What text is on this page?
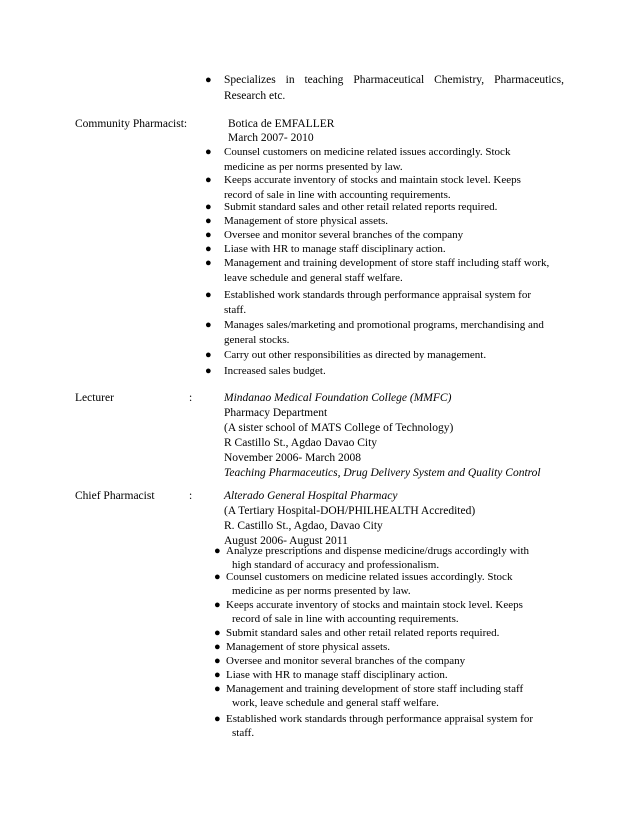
● Specializes in teaching Pharmaceutical Chemistry, Pharmaceutics,
Research etc.
Community Pharmacist:	Botica de EMFALLER
March 2007- 2010
● Counsel customers on medicine related issues accordingly. Stock
medicine as per norms presented by law.
● Keeps accurate inventory of stocks and maintain stock level. Keeps
record of sale in line with accounting requirements.
● Submit standard sales and other retail related reports required.
● Management of store physical assets.
● Oversee and monitor several branches of the company
● Liase with HR to manage staff disciplinary action.
● Management and training development of store staff including staff work,
leave schedule and general staff welfare.
● Established work standards through performance appraisal system for
staff.
● Manages sales/marketing and promotional programs, merchandising and
general stocks.
● Carry out other responsibilities as directed by management.
● Increased sales budget.
Lecturer	:	Mindanao Medical Foundation College (MMFC)
Pharmacy Department
(A sister school of MATS College of Technology)
R Castillo St., Agdao Davao City
November 2006- March 2008
Teaching Pharmaceutics, Drug Delivery System and Quality Control
Chief Pharmacist	:	Alterado General Hospital Pharmacy
(A Tertiary Hospital-DOH/PHILHEALTH Accredited)
R. Castillo St., Agdao, Davao City
August 2006- August 2011
● Analyze prescriptions and dispense medicine/drugs accordingly with
high standard of accuracy and professionalism.
● Counsel customers on medicine related issues accordingly. Stock
medicine as per norms presented by law.
● Keeps accurate inventory of stocks and maintain stock level. Keeps
record of sale in line with accounting requirements.
● Submit standard sales and other retail related reports required.
● Management of store physical assets.
● Oversee and monitor several branches of the company
● Liase with HR to manage staff disciplinary action.
● Management and training development of store staff including staff
work, leave schedule and general staff welfare.
● Established work standards through performance appraisal system for
staff.
